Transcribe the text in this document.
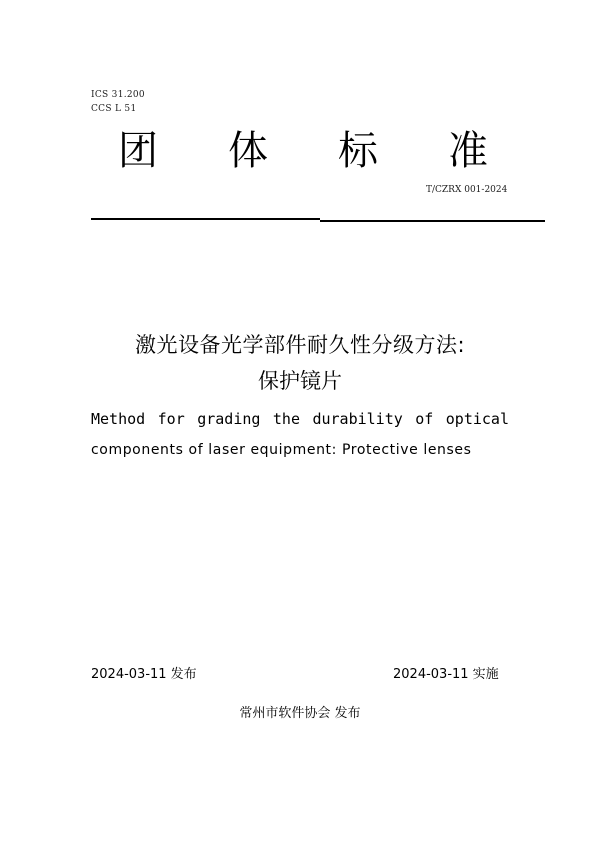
ICS 31.200
CCS L 51
团 体 标 准
T/CZRX 001-2024
激光设备光学部件耐久性分级方法:
保护镜片
Method for grading the durability of optical
components of laser equipment: Protective lenses
2024-03-11 发布	2024-03-11 实施
常州市软件协会 发布
